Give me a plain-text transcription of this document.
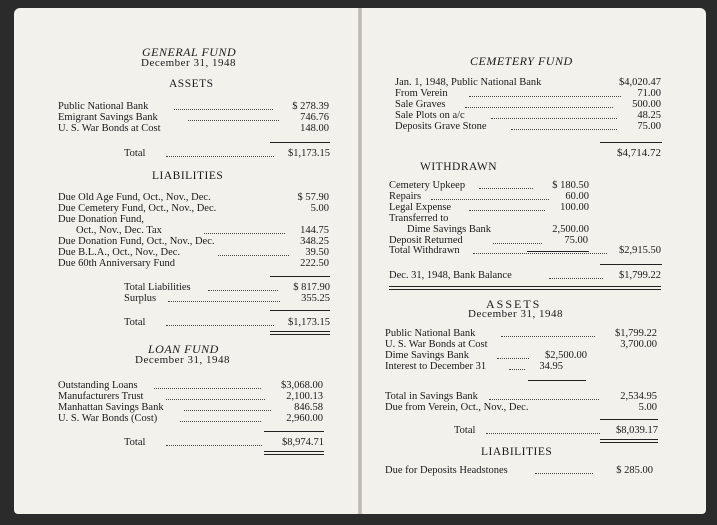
GENERAL FUND
December 31, 1948
ASSETS
Public National Bank	$ 278.39
Emigrant Savings Bank	746.76
U. S. War Bonds at Cost	148.00
Total	$1,173.15
LIABILITIES
Due Old Age Fund, Oct., Nov., Dec.	$ 57.90
Due Cemetery Fund, Oct., Nov., Dec.	5.00
Due Donation Fund,
Oct., Nov., Dec. Tax	144.75
Due Donation Fund, Oct., Nov., Dec.	348.25
Due B.L.A., Oct., Nov., Dec.	39.50
Due 60th Anniversary Fund	222.50
Total Liabilities	$ 817.90
Surplus	355.25
Total	$1,173.15
LOAN FUND
December 31, 1948
Outstanding Loans	$3,068.00
Manufacturers Trust	2,100.13
Manhattan Savings Bank	846.58
U. S. War Bonds (Cost)	2,960.00
Total	$8,974.71
CEMETERY FUND
Jan. 1, 1948, Public National Bank	$4,020.47
From Verein	71.00
Sale Graves	500.00
Sale Plots on a/c	48.25
Deposits Grave Stone	75.00
$4,714.72
WITHDRAWN
Cemetery Upkeep	$ 180.50
Repairs	60.00
Legal Expense	100.00
Transferred to
Dime Savings Bank	2,500.00
Deposit Returned	75.00
Total Withdrawn	$2,915.50
Dec. 31, 1948, Bank Balance	$1,799.22
ASSETS
December 31, 1948
Public National Bank	$1,799.22
U. S. War Bonds at Cost	3,700.00
Dime Savings Bank	$2,500.00
Interest to December 31	34.95
Total in Savings Bank	2,534.95
Due from Verein, Oct., Nov., Dec.	5.00
Total	$8,039.17
LIABILITIES
Due for Deposits Headstones	$ 285.00
